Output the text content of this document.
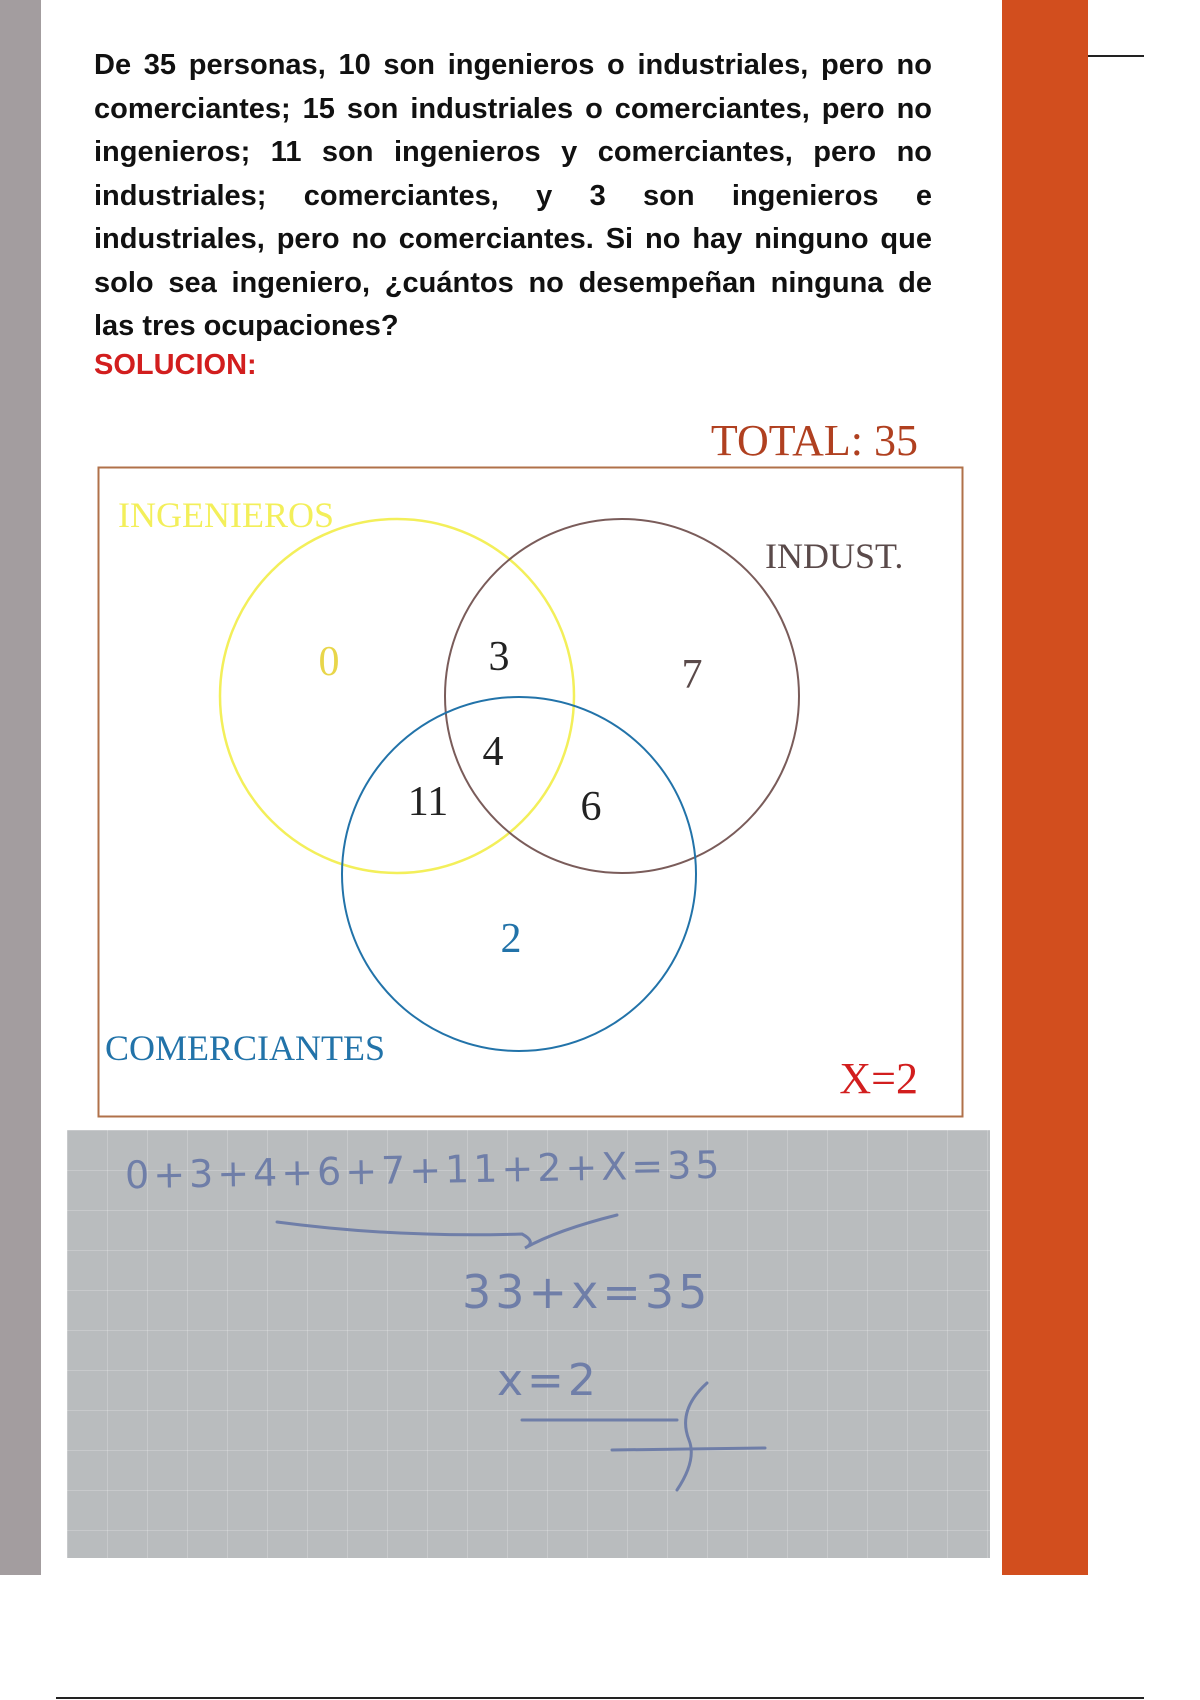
De 35 personas, 10 son ingenieros o industriales, pero no comerciantes; 15 son industriales o comerciantes, pero no ingenieros; 11 son ingenieros y comerciantes, pero no industriales; comerciantes, y 3 son ingenieros e industriales, pero no comerciantes. Si no hay ninguno que solo sea ingeniero, ¿cuántos no desempeñan ninguna de las tres ocupaciones?

SOLUCION:
TOTAL: 35
INGENIEROS
INDUST.
COMERCIANTES
0	3	7
4
11	6
2
X=2
0+3+4+6+7+11+2+X=35
33+x=35
x=2
